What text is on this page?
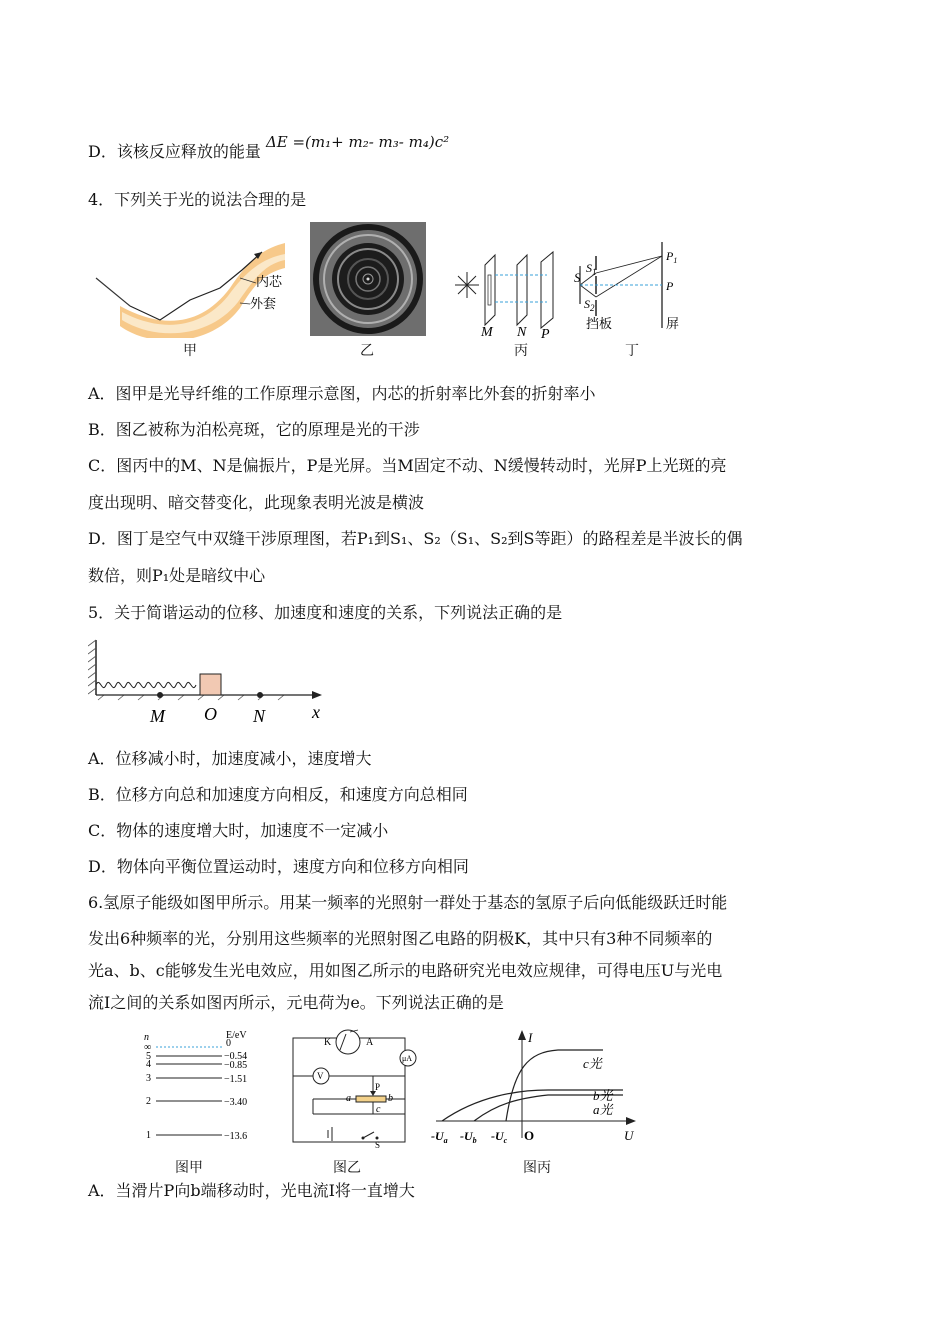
D．该核反应释放的能量 ΔE =(m₁+ m₂- m₃- m₄)c²
4．下列关于光的说法合理的是
内芯
外套
甲	乙
M N P
丙
S
$S_1$
$S_2$
$P_1$
P
挡板	屏
丁
A．图甲是光导纤维的工作原理示意图，内芯的折射率比外套的折射率小
B．图乙被称为泊松亮斑，它的原理是光的干涉
C．图丙中的M、N是偏振片，P是光屏。当M固定不动、N缓慢转动时，光屏P上光斑的亮
度出现明、暗交替变化，此现象表明光波是横波
D．图丁是空气中双缝干涉原理图，若P₁到S₁、S₂（S₁、S₂到S等距）的路程差是半波长的偶
数倍，则P₁处是暗纹中心
5．关于简谐运动的位移、加速度和速度的关系，下列说法正确的是
M O N	x
A．位移减小时，加速度减小，速度增大
B．位移方向总和加速度方向相反，和速度方向总相同
C．物体的速度增大时，加速度不一定减小
D．物体向平衡位置运动时，速度方向和位移方向相同
6.氢原子能级如图甲所示。用某一频率的光照射一群处于基态的氢原子后向低能级跃迁时能
发出6种频率的光，分别用这些频率的光照射图乙电路的阴极K，其中只有3种不同频率的
光a、b、c能够发生光电效应，用如图乙所示的电路研究光电效应规律，可得电压U与光电
流I之间的关系如图丙所示，元电荷为e。下列说法正确的是
n	E/eV
∞	0
5	−0.54
4	−0.85
3	−1.51
2	−3.40
1	−13.6
图甲
K	A
μA
V
P
a	b
c
S
图乙
I
U
O
$-U_a$ $-U_b$ $-U_c$
c光
b光
a光
图丙
A．当滑片P向b端移动时，光电流I将一直增大
